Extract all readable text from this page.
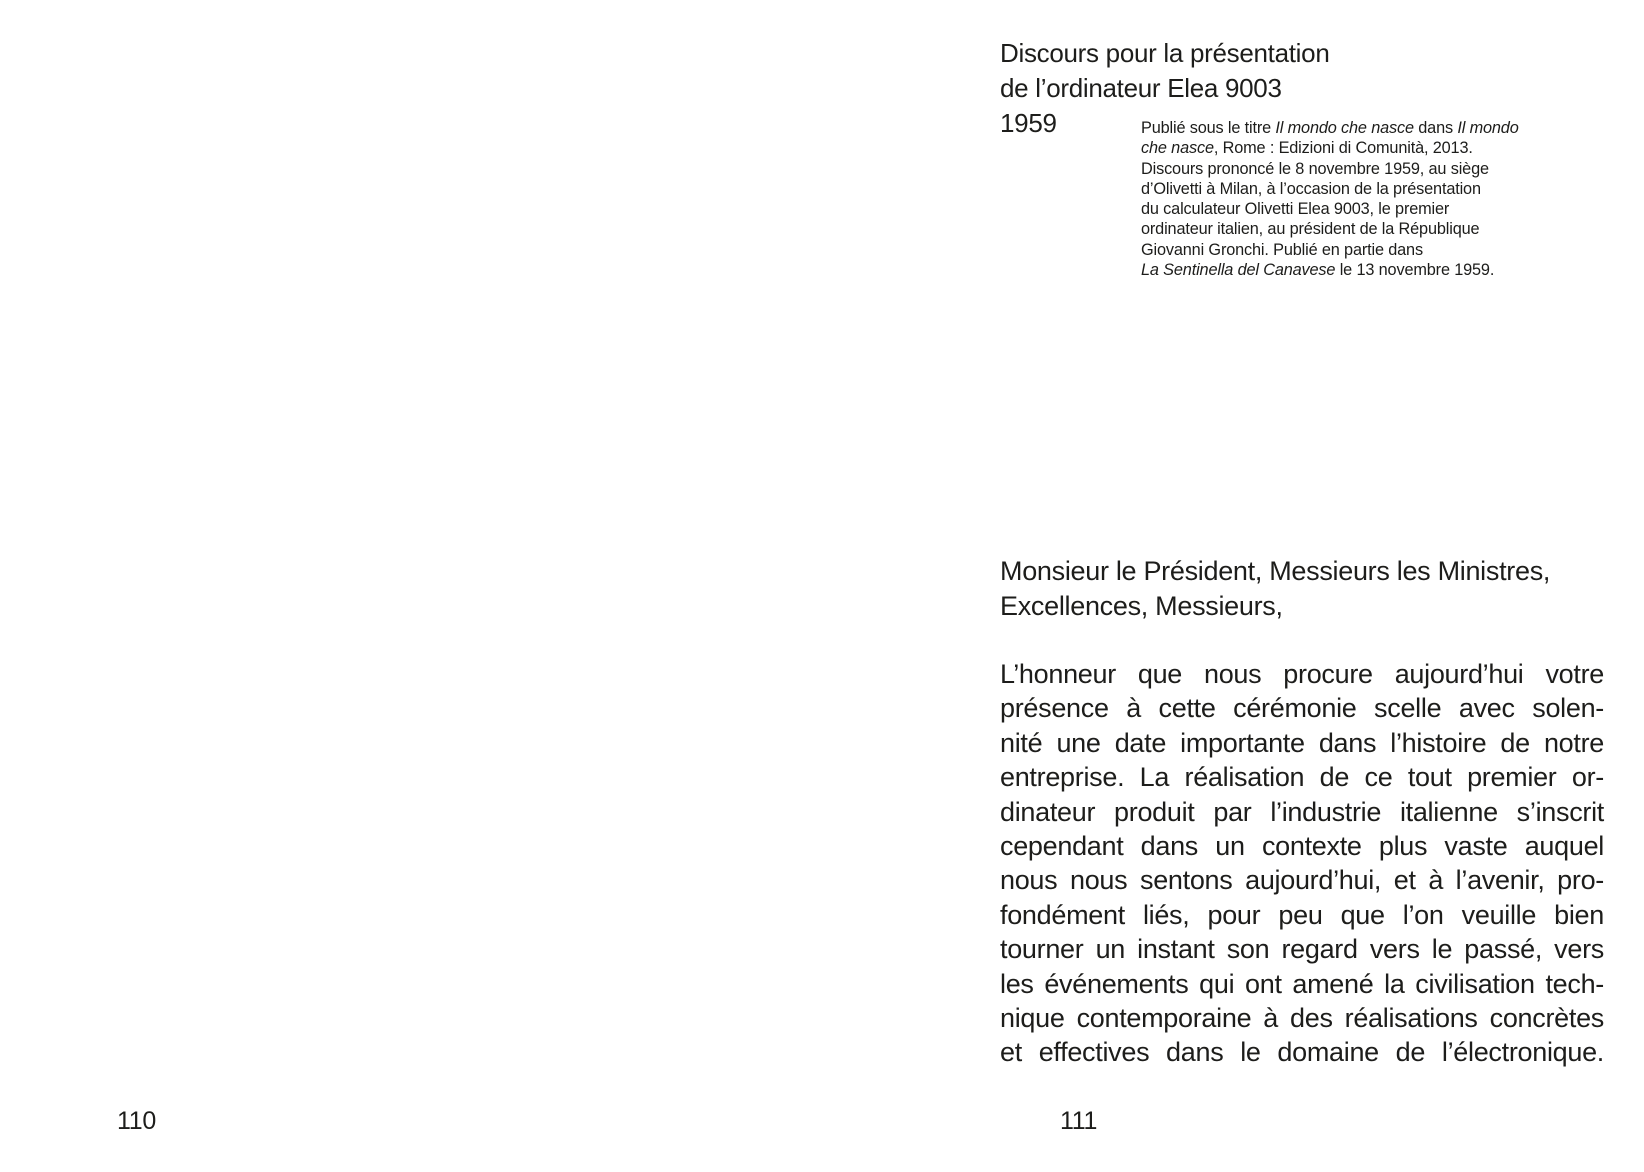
110
Discours pour la présentation
de l’ordinateur Elea 9003
1959	Publié sous le titre Il mondo che nasce dans Il mondo
che nasce, Rome : Edizioni di Comunità, 2013.
Discours prononcé le 8 novembre 1959, au siège
d’Olivetti à Milan, à l’occasion de la présentation
du calculateur Olivetti Elea 9003, le premier
ordinateur italien, au président de la République
Giovanni Gronchi. Publié en partie dans
La Sentinella del Canavese le 13 novembre 1959.
Monsieur le Président, Messieurs les Ministres,
Excellences, Messieurs,
L’honneur que nous procure aujourd’hui votre
présence à cette cérémonie scelle avec solen-
nité une date importante dans l’histoire de notre
entreprise. La réalisation de ce tout premier or-
dinateur produit par l’industrie italienne s’inscrit
cependant dans un contexte plus vaste auquel
nous nous sentons aujourd’hui, et à l’avenir, pro-
fondément liés, pour peu que l’on veuille bien
tourner un instant son regard vers le passé, vers
les événements qui ont amené la civilisation tech-
nique contemporaine à des réalisations concrètes
et effectives dans le domaine de l’électronique.
111
